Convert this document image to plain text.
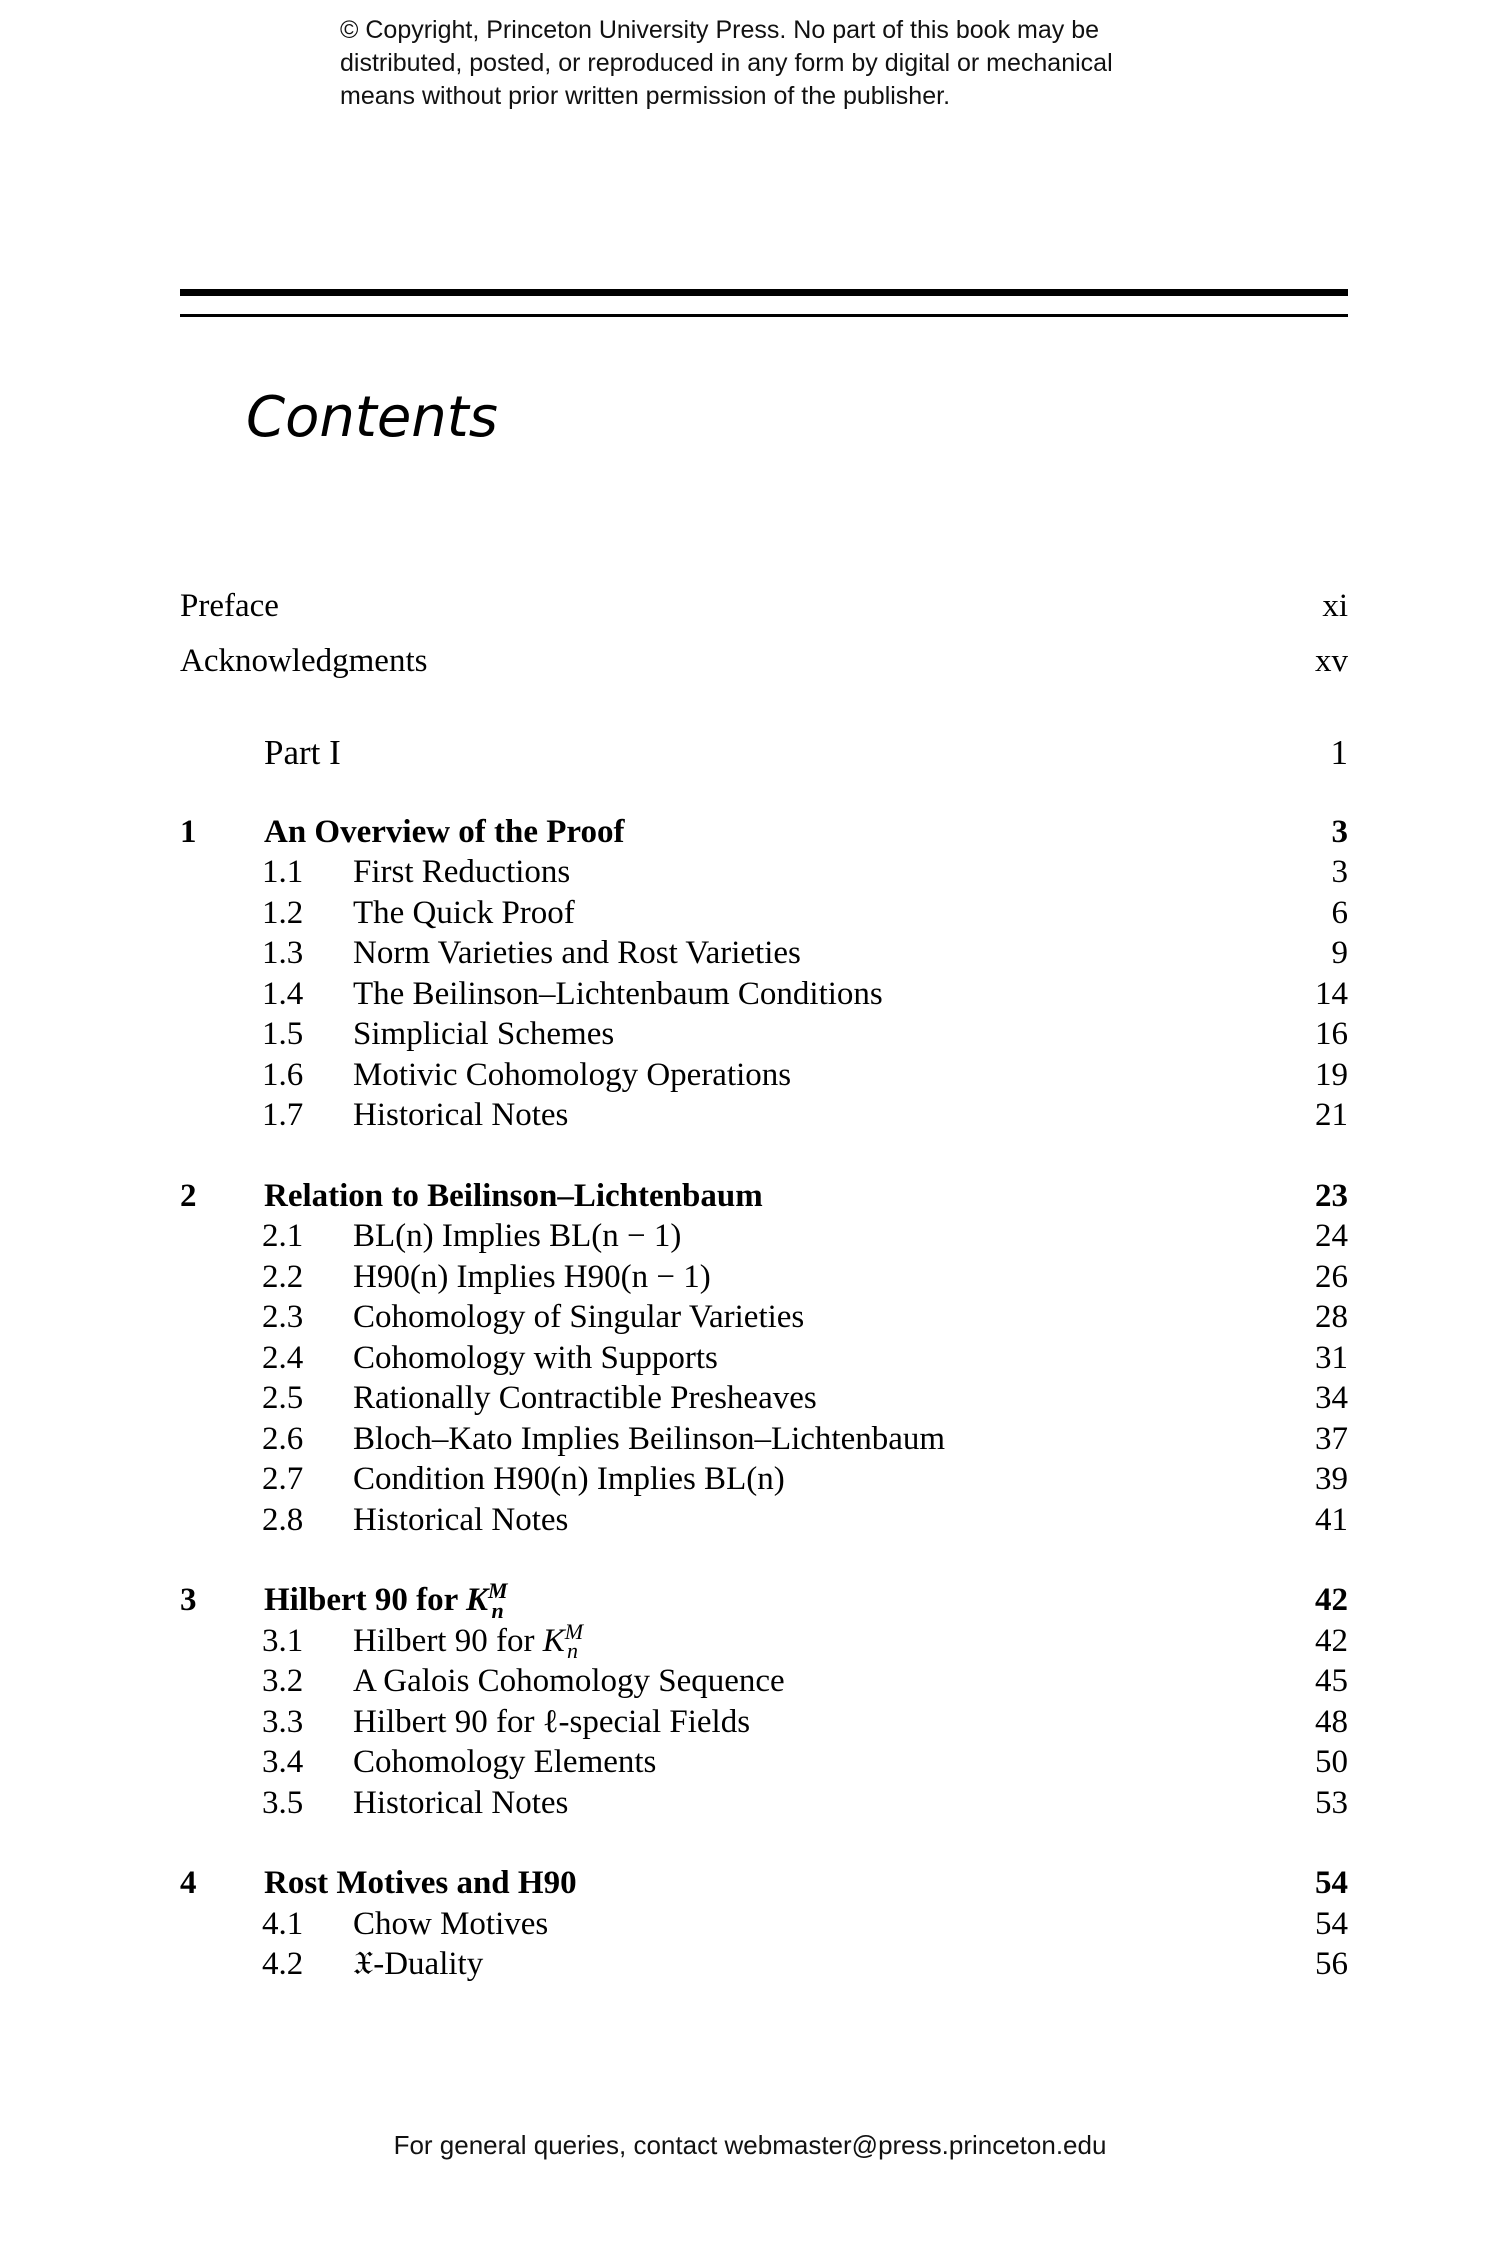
© Copyright, Princeton University Press. No part of this book may be
distributed, posted, or reproduced in any form by digital or mechanical
means without prior written permission of the publisher.
Contents
Preface	xi
Acknowledgments	xv
Part I	1
1 An Overview of the Proof	3
1.1 First Reductions	3
1.2 The Quick Proof	6
1.3 Norm Varieties and Rost Varieties	9
1.4 The Beilinson–Lichtenbaum Conditions	14
1.5 Simplicial Schemes	16
1.6 Motivic Cohomology Operations	19
1.7 Historical Notes	21
2 Relation to Beilinson–Lichtenbaum	23
2.1 BL(n) Implies BL(n − 1)	24
2.2 H90(n) Implies H90(n − 1)	26
2.3 Cohomology of Singular Varieties	28
2.4 Cohomology with Supports	31
2.5 Rationally Contractible Presheaves	34
2.6 Bloch–Kato Implies Beilinson–Lichtenbaum	37
2.7 Condition H90(n) Implies BL(n)	39
2.8 Historical Notes	41
3 Hilbert 90 for $K^M_n$	42
3.1 Hilbert 90 for $K^M_n$	42
3.2 A Galois Cohomology Sequence	45
3.3 Hilbert 90 for ℓ-special Fields	48
3.4 Cohomology Elements	50
3.5 Historical Notes	53
4 Rost Motives and H90	54
4.1 Chow Motives	54
4.2 𝔛-Duality	56
For general queries, contact webmaster@press.princeton.edu
